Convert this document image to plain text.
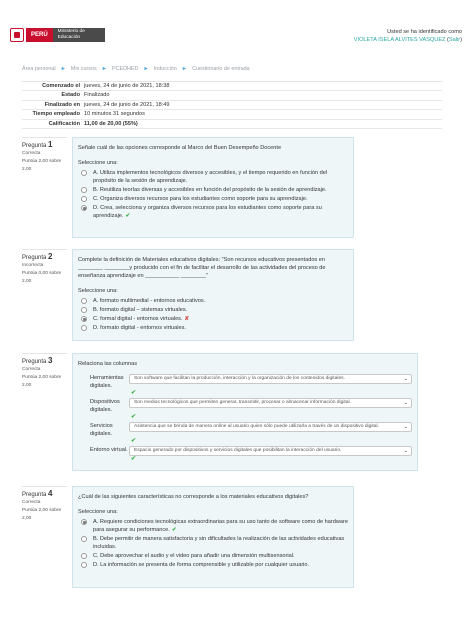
PERÚ
Ministerio de Educación
Usted se ha identificado como
VIOLETA ISELA ALVITES VASQUEZ (Salir)
Área personal ► Mis cursos ► PCEDHED ► Inducción ► Cuestionario de entrada
Comenzado el jueves, 24 de junio de 2021, 18:38
Estado Finalizado
Finalizado en jueves, 24 de junio de 2021, 18:49
Tiempo empleado 10 minutos 31 segundos
Calificación 11,00 de 20,00 (55%)
Pregunta 1
Correcta
Puntúa 2,00 sobre 2,00
Señale cuál de las opciones corresponde al Marco del Buen Desempeño Docente
Seleccione una:
A. Utiliza implementos tecnológicos diversos y accesibles, y el tiempo requerido en función del propósito de la sesión de aprendizaje.
B. Reutiliza teorías diversas y accesibles en función del propósito de la sesión de aprendizaje.
C. Organiza diversos recursos para los estudiantes como soporte para su aprendizaje.
D. Crea, selecciona y organiza diversos recursos para los estudiantes como soporte para su aprendizaje. ✔
Pregunta 2
Incorrecta
Puntúa 0,00 sobre 2,00
Complete la definición de Materiales educativos digitales: "Son recursos educativos presentados en ________ ________y producido con el fin de facilitar el desarrollo de las actividades del proceso de enseñanza aprendizaje en ___________ ________"
Seleccione una:
A. formato multimedial - entornos educativos.
B. formato digital – sistemas virtuales.
C. formal digital - entornos virtuales. ✘
D. formato digital - entornos virtuales.
Pregunta 3
Correcta
Puntúa 2,00 sobre 2,00
Relaciona las columnas
Herramientas digitales.
Son software que facilitan la producción, interacción y la organización de los contenidos digitales.	⌄
✔
Dispositivos digitales.
Son medios tecnológicos que permiten generar, transmitir, procesar o almacenar información digital.	⌄
✔
Servicios digitales.
Asistencia que se brinda de manera online al usuario quien sólo puede utilizarla a través de un dispositivo digital.	⌄
✔
Entorno virtual.	Espacio generado por dispositivos y servicios digitales que posibilitan la interacción del usuario.	⌄
✔
Pregunta 4
Correcta
Puntúa 2,00 sobre 2,00
¿Cuál de las siguientes características no corresponde a los materiales educativos digitales?
Seleccione una:
A. Requiere condiciones tecnológicas extraordinarias para su uso tanto de software como de hardware para asegurar su performance. ✔
B. Debe permitir de manera satisfactoria y sin dificultades la realización de las actividades educativas incluidas.
C. Debe aprovechar el audio y el video para añadir una dimensión multisensorial.
D. La información se presenta de forma comprensible y utilizable por cualquier usuario.
